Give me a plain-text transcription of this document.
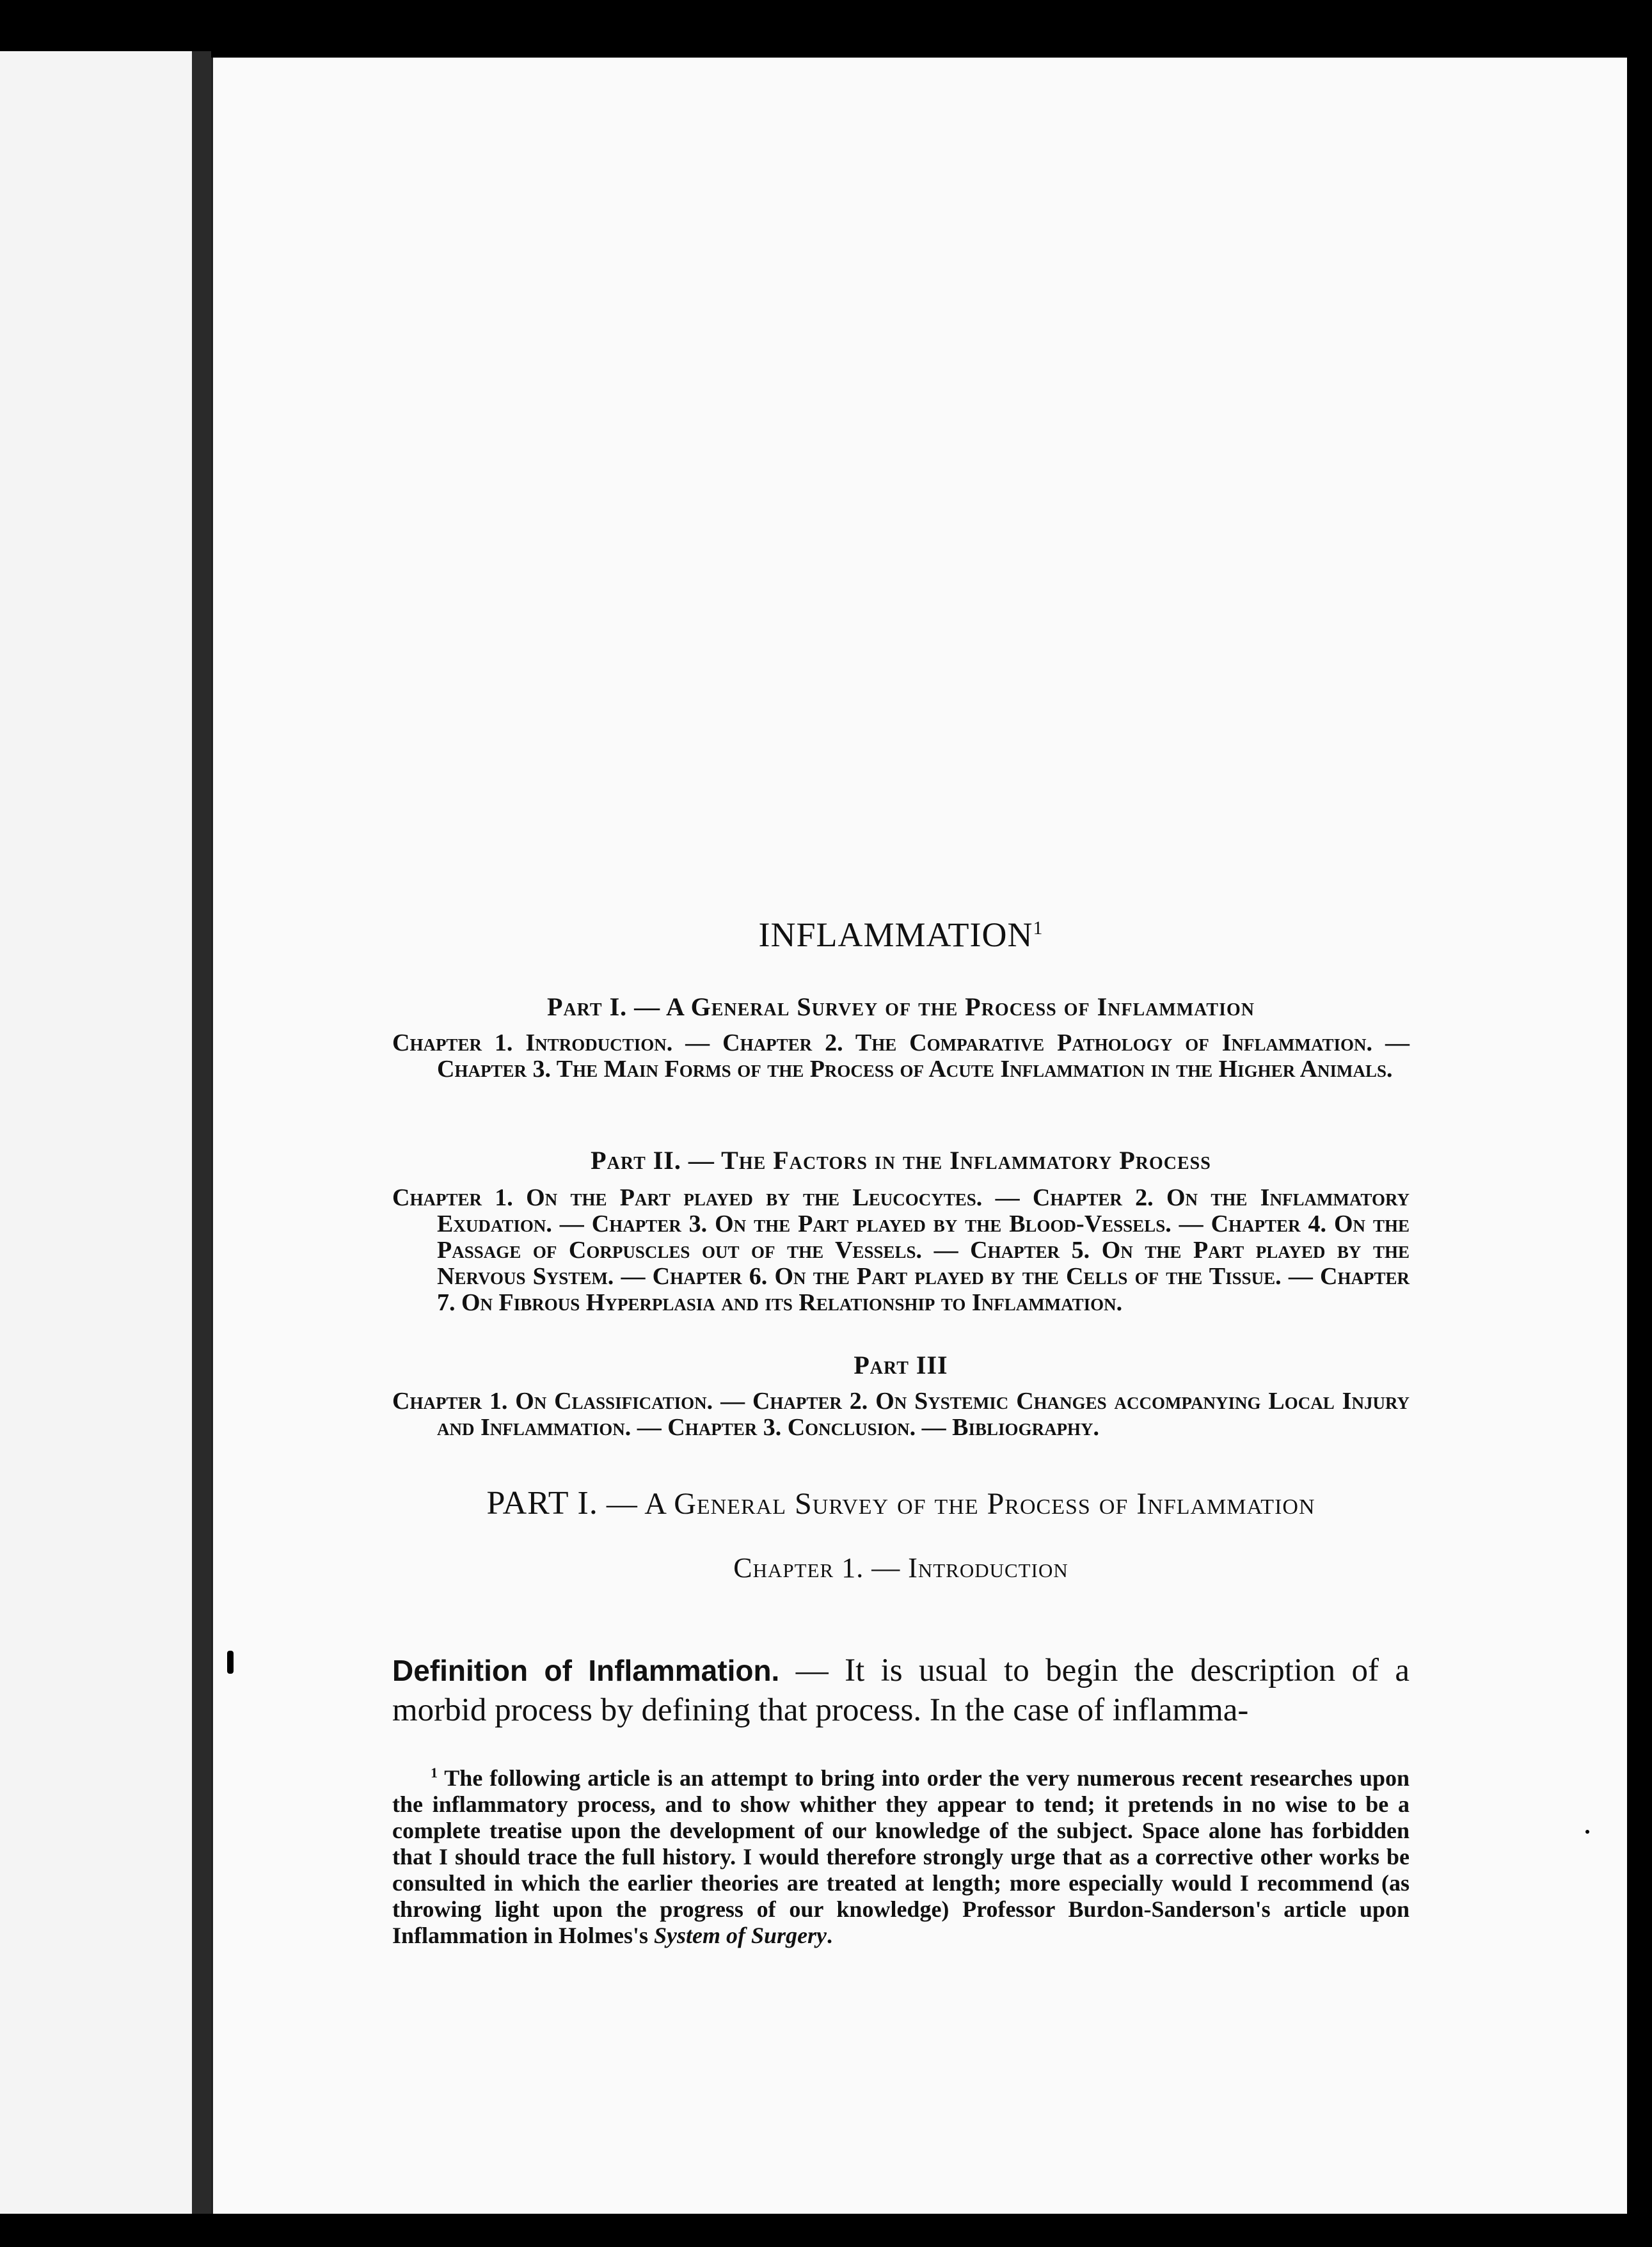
INFLAMMATION$^1$
Part I. — A General Survey of the Process of Inflammation
Chapter 1. Introduction. — Chapter 2. The Comparative Pathology of Inflammation. — Chapter 3. The Main Forms of the Process of Acute Inflammation in the Higher Animals.
Part II. — The Factors in the Inflammatory Process
Chapter 1. On the Part played by the Leucocytes. — Chapter 2. On the Inflammatory Exudation. — Chapter 3. On the Part played by the Blood-Vessels. — Chapter 4. On the Passage of Corpuscles out of the Vessels. — Chapter 5. On the Part played by the Nervous System. — Chapter 6. On the Part played by the Cells of the Tissue. — Chapter 7. On Fibrous Hyperplasia and its Relationship to Inflammation.
Part III
Chapter 1. On Classification. — Chapter 2. On Systemic Changes accompanying Local Injury and Inflammation. — Chapter 3. Conclusion. — Bibliography.
PART I. — A General Survey of the Process of Inflammation
Chapter 1. — Introduction
Definition of Inflammation. — It is usual to begin the description of a morbid process by defining that process. In the case of inflamma-
$^1$ The following article is an attempt to bring into order the very numerous recent researches upon the inflammatory process, and to show whither they appear to tend; it pretends in no wise to be a complete treatise upon the development of our knowledge of the subject. Space alone has forbidden that I should trace the full history. I would therefore strongly urge that as a corrective other works be consulted in which the earlier theories are treated at length; more especially would I recommend (as throwing light upon the progress of our knowledge) Professor Burdon-Sanderson's article upon Inflammation in Holmes's System of Surgery.
